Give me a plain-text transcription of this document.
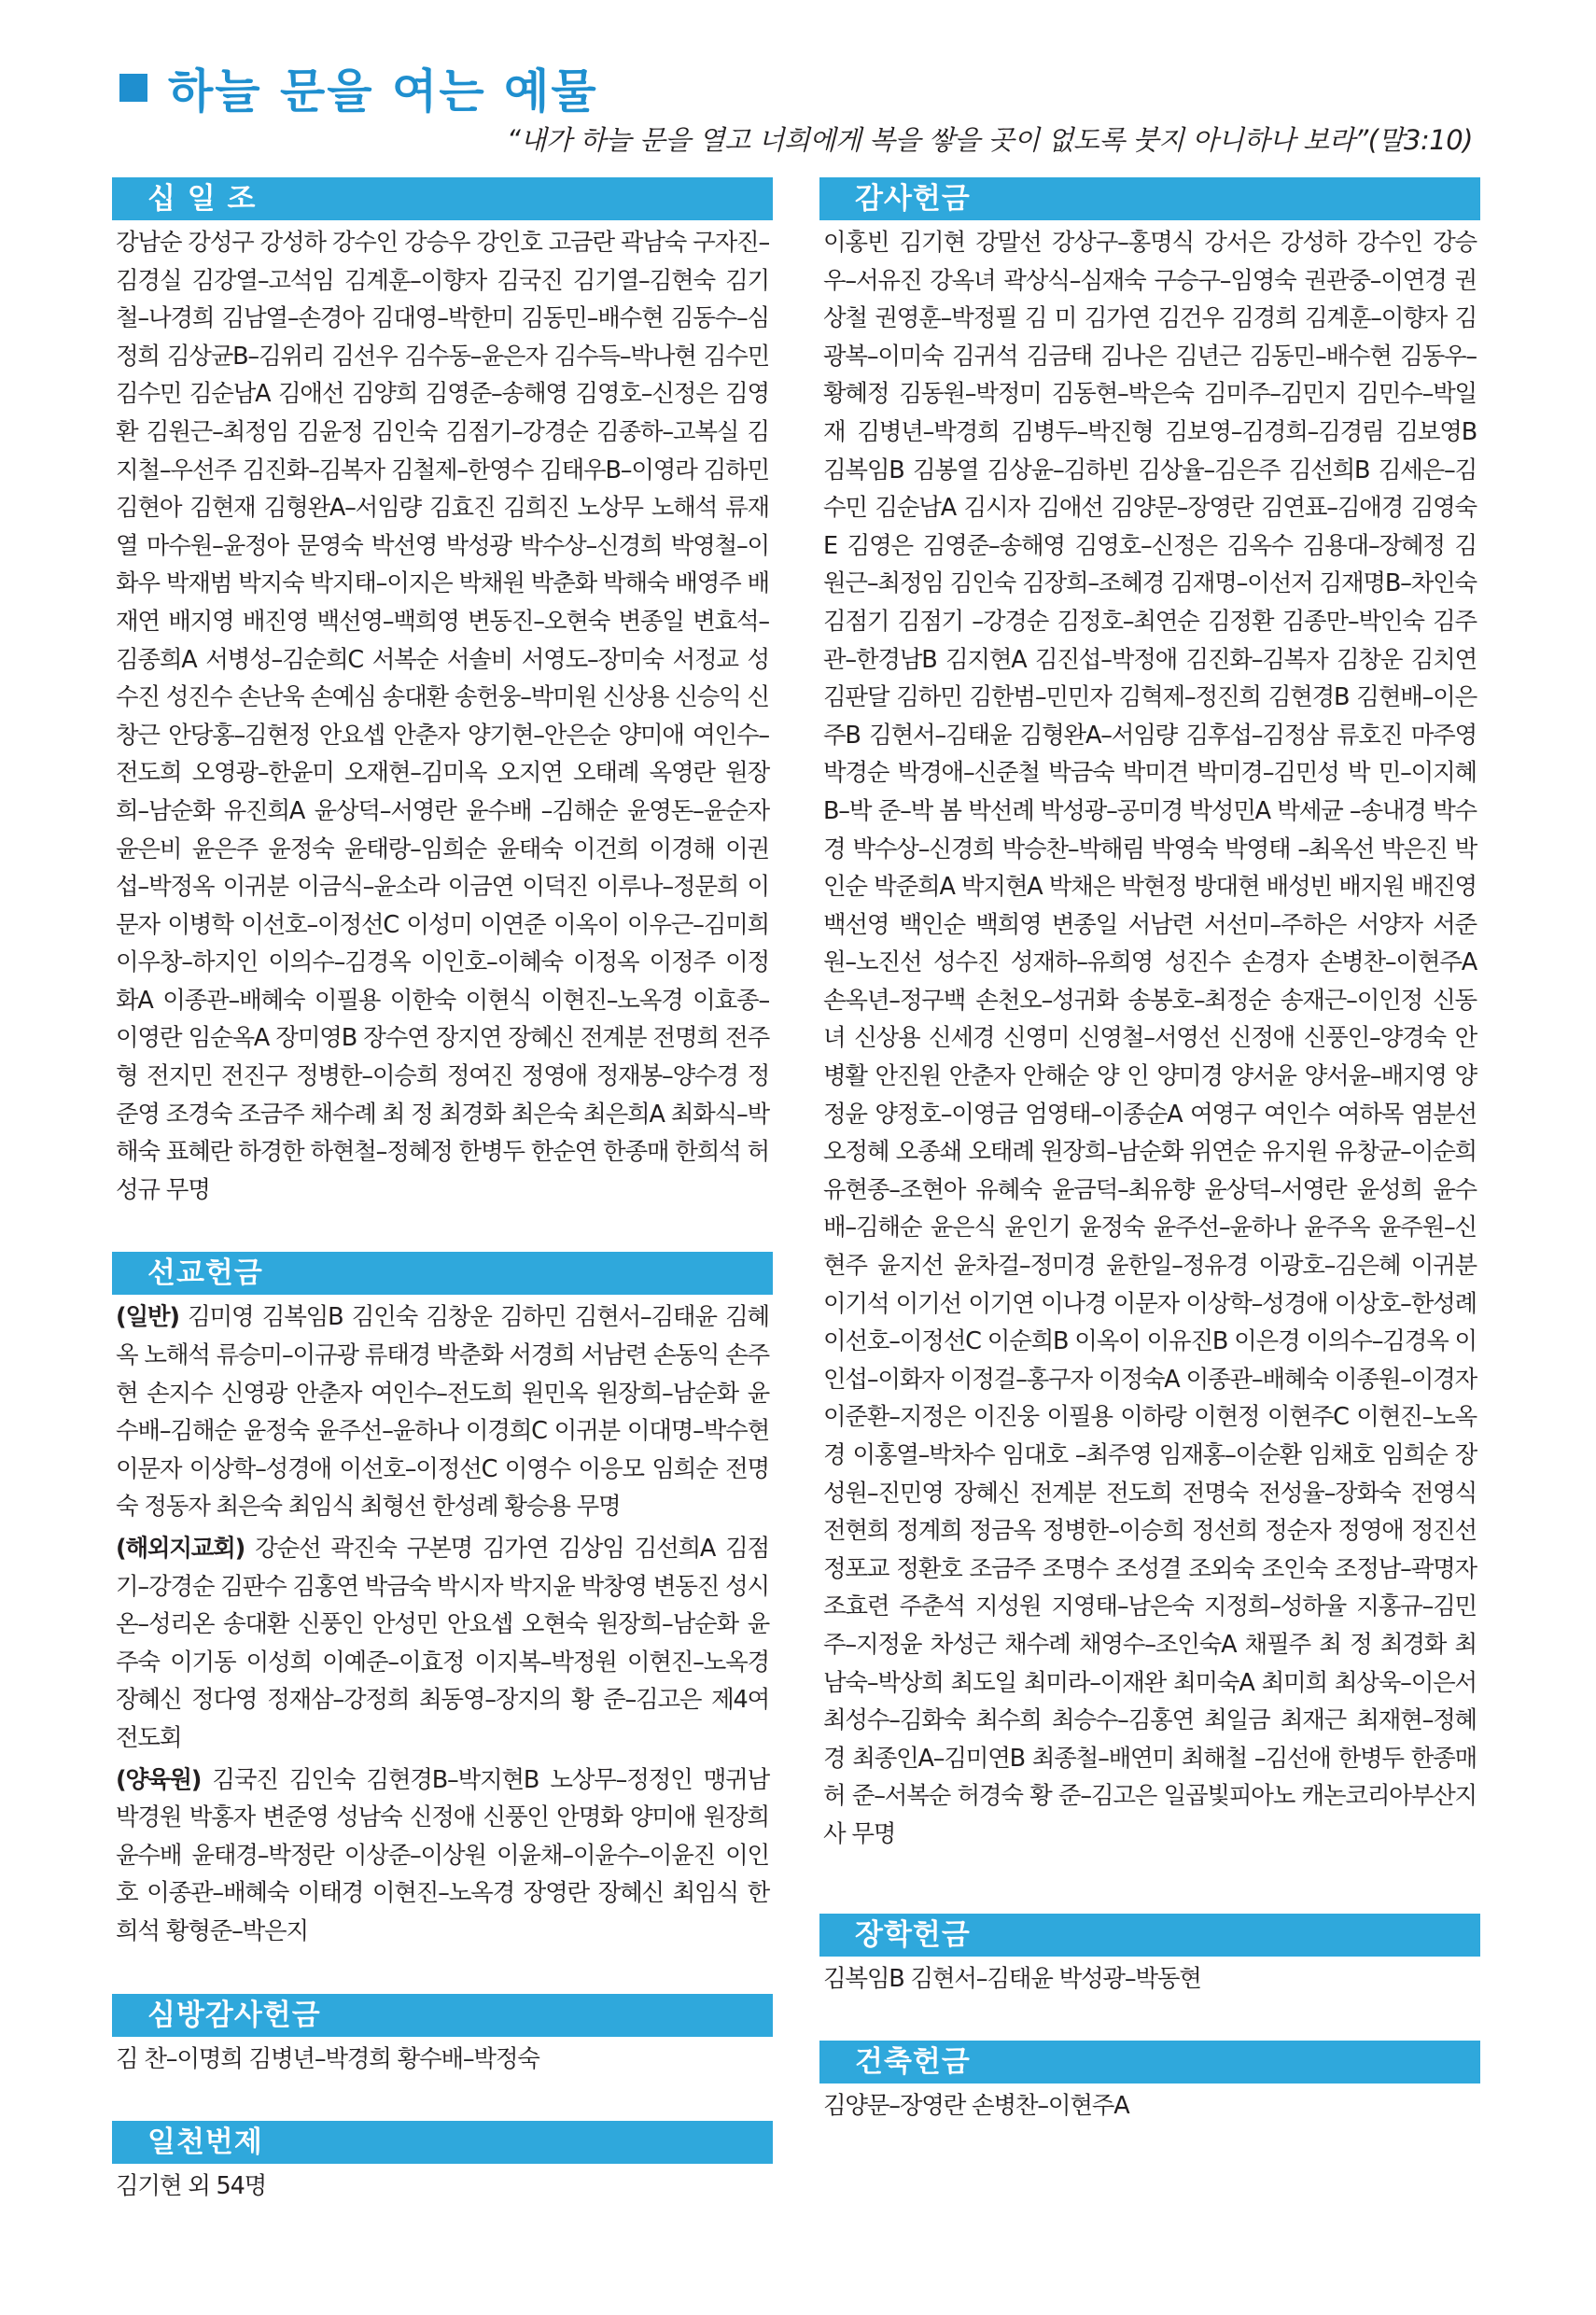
하늘 문을 여는 예물

“내가 하늘 문을 열고 너희에게 복을 쌓을 곳이 없도록 붓지 아니하나 보라”(말3:10)

십 일 조

강남순 강성구 강성하 강수인 강승우 강인호 고금란 곽남숙 구자진–김경실 김강열–고석임 김계훈–이향자 김국진 김기열–김현숙 김기철–나경희 김남열–손경아 김대영–박한미 김동민–배수현 김동수–심정희 김상균B–김위리 김선우 김수동–윤은자 김수득–박나현 김수민 김수민 김순남A 김애선 김양희 김영준–송해영 김영호–신정은 김영환 김원근–최정임 김윤정 김인숙 김점기–강경순 김종하–고복실 김지철–우선주 김진화–김복자 김철제–한영수 김태우B–이영라 김하민 김현아 김현재 김형완A–서임량 김효진 김희진 노상무 노해석 류재열 마수원–윤정아 문영숙 박선영 박성광 박수상–신경희 박영철–이화우 박재범 박지숙 박지태–이지은 박채원 박춘화 박해숙 배영주 배재연 배지영 배진영 백선영–백희영 변동진–오현숙 변종일 변효석–김종희A 서병성–김순희C 서복순 서솔비 서영도–장미숙 서정교 성수진 성진수 손난욱 손예심 송대환 송헌웅–박미원 신상용 신승익 신창근 안당홍–김현정 안요셉 안춘자 양기현–안은순 양미애 여인수–전도희 오영광–한윤미 오재현–김미옥 오지연 오태례 옥영란 원장희–남순화 유진희A 윤상덕–서영란 윤수배 –김해순 윤영돈–윤순자 윤은비 윤은주 윤정숙 윤태랑–임희순 윤태숙 이건희 이경해 이권섭–박정옥 이귀분 이금식–윤소라 이금연 이덕진 이루나–정문희 이문자 이병학 이선호–이정선C 이성미 이연준 이옥이 이우근–김미희 이우창–하지인 이의수–김경옥 이인호–이혜숙 이정옥 이정주 이정화A 이종관–배혜숙 이필용 이한숙 이현식 이현진–노옥경 이효종–이영란 임순옥A 장미영B 장수연 장지연 장혜신 전계분 전명희 전주형 전지민 전진구 정병한–이승희 정여진 정영애 정재봉–양수경 정준영 조경숙 조금주 채수례 최 정 최경화 최은숙 최은희A 최화식–박해숙 표혜란 하경한 하현철–정혜정 한병두 한순연 한종매 한희석 허성규 무명

선교헌금

(일반) 김미영 김복임B 김인숙 김창운 김하민 김현서–김태윤 김혜옥 노해석 류승미–이규광 류태경 박춘화 서경희 서남련 손동익 손주현 손지수 신영광 안춘자 여인수–전도희 원민옥 원장희–남순화 윤수배–김해순 윤정숙 윤주선–윤하나 이경희C 이귀분 이대명–박수현 이문자 이상학–성경애 이선호–이정선C 이영수 이응모 임희순 전명숙 정동자 최은숙 최임식 최형선 한성례 황승용 무명

(해외지교회) 강순선 곽진숙 구본명 김가연 김상임 김선희A 김점기–강경순 김판수 김홍연 박금숙 박시자 박지윤 박창영 변동진 성시온–성리온 송대환 신풍인 안성민 안요셉 오현숙 원장희–남순화 윤주숙 이기동 이성희 이예준–이효정 이지복–박정원 이현진–노옥경 장혜신 정다영 정재삼–강정희 최동영–장지의 황 준–김고은 제4여전도회

(양육원) 김국진 김인숙 김현경B–박지현B 노상무–정정인 맹귀남 박경원 박홍자 변준영 성남숙 신정애 신풍인 안명화 양미애 원장희 윤수배 윤태경–박정란 이상준–이상원 이윤채–이윤수–이윤진 이인호 이종관–배혜숙 이태경 이현진–노옥경 장영란 장혜신 최임식 한희석 황형준–박은지

심방감사헌금

김 찬–이명희 김병년–박경희 황수배–박정숙

일천번제

김기현 외 54명

감사헌금

이홍빈 김기현 강말선 강상구–홍명식 강서은 강성하 강수인 강승우–서유진 강옥녀 곽상식–심재숙 구승구–임영숙 권관중–이연경 권상철 권영훈–박정필 김 미 김가연 김건우 김경희 김계훈–이향자 김광복–이미숙 김귀석 김금태 김나은 김년근 김동민–배수현 김동우–황혜정 김동원–박정미 김동현–박은숙 김미주–김민지 김민수–박일재 김병년–박경희 김병두–박진형 김보영–김경희–김경림 김보영B 김복임B 김봉열 김상윤–김하빈 김상율–김은주 김선희B 김세은–김수민 김순남A 김시자 김애선 김양문–장영란 김연표–김애경 김영숙E 김영은 김영준–송해영 김영호–신정은 김옥수 김용대–장혜정 김원근–최정임 김인숙 김장희–조혜경 김재명–이선저 김재명B–차인숙 김점기 김점기 –강경순 김정호–최연순 김정환 김종만–박인숙 김주관–한경남B 김지현A 김진섭–박정애 김진화–김복자 김창운 김치연 김판달 김하민 김한범–민민자 김혁제–정진희 김현경B 김현배–이은주B 김현서–김태윤 김형완A–서임량 김후섭–김정삼 류호진 마주영 박경순 박경애–신준철 박금숙 박미견 박미경–김민성 박 민–이지혜B–박 준–박 봄 박선례 박성광–공미경 박성민A 박세균 –송내경 박수경 박수상–신경희 박승찬–박해림 박영숙 박영태 –최옥선 박은진 박인순 박준희A 박지현A 박채은 박현정 방대현 배성빈 배지원 배진영 백선영 백인순 백희영 변종일 서남련 서선미–주하은 서양자 서준원–노진선 성수진 성재하–유희영 성진수 손경자 손병찬–이현주A 손옥년–정구백 손천오–성귀화 송봉호–최정순 송재근–이인정 신동녀 신상용 신세경 신영미 신영철–서영선 신정애 신풍인–양경숙 안병활 안진원 안춘자 안해순 양 인 양미경 양서윤 양서윤–배지영 양정윤 양정호–이영금 엄영태–이종순A 여영구 여인수 여하목 염분선 오정혜 오종쇄 오태례 원장희–남순화 위연순 유지원 유창균–이순희 유현종–조현아 유혜숙 윤금덕–최유향 윤상덕–서영란 윤성희 윤수배–김해순 윤은식 윤인기 윤정숙 윤주선–윤하나 윤주옥 윤주원–신현주 윤지선 윤차걸–정미경 윤한일–정유경 이광호–김은혜 이귀분 이기석 이기선 이기연 이나경 이문자 이상학–성경애 이상호–한성례 이선호–이정선C 이순희B 이옥이 이유진B 이은경 이의수–김경옥 이인섭–이화자 이정걸–홍구자 이정숙A 이종관–배혜숙 이종원–이경자 이준환–지정은 이진웅 이필용 이하랑 이현정 이현주C 이현진–노옥경 이홍열–박차수 임대호 –최주영 임재홍–이순환 임채호 임희순 장성원–진민영 장혜신 전계분 전도희 전명숙 전성율–장화숙 전영식 전현희 정계희 정금옥 정병한–이승희 정선희 정순자 정영애 정진선 정포교 정환호 조금주 조명수 조성결 조외숙 조인숙 조정남–곽명자 조효련 주춘석 지성원 지영태–남은숙 지정희–성하율 지홍규–김민주–지정윤 차성근 채수례 채영수–조인숙A 채필주 최 정 최경화 최남숙–박상희 최도일 최미라–이재완 최미숙A 최미희 최상욱–이은서 최성수–김화숙 최수희 최승수–김홍연 최일금 최재근 최재현–정혜경 최종인A–김미연B 최종철–배연미 최해철 –김선애 한병두 한종매 허 준–서복순 허경숙 황 준–김고은 일곱빛피아노 캐논코리아부산지사 무명

장학헌금

김복임B 김현서–김태윤 박성광–박동현

건축헌금

김양문–장영란 손병찬–이현주A
